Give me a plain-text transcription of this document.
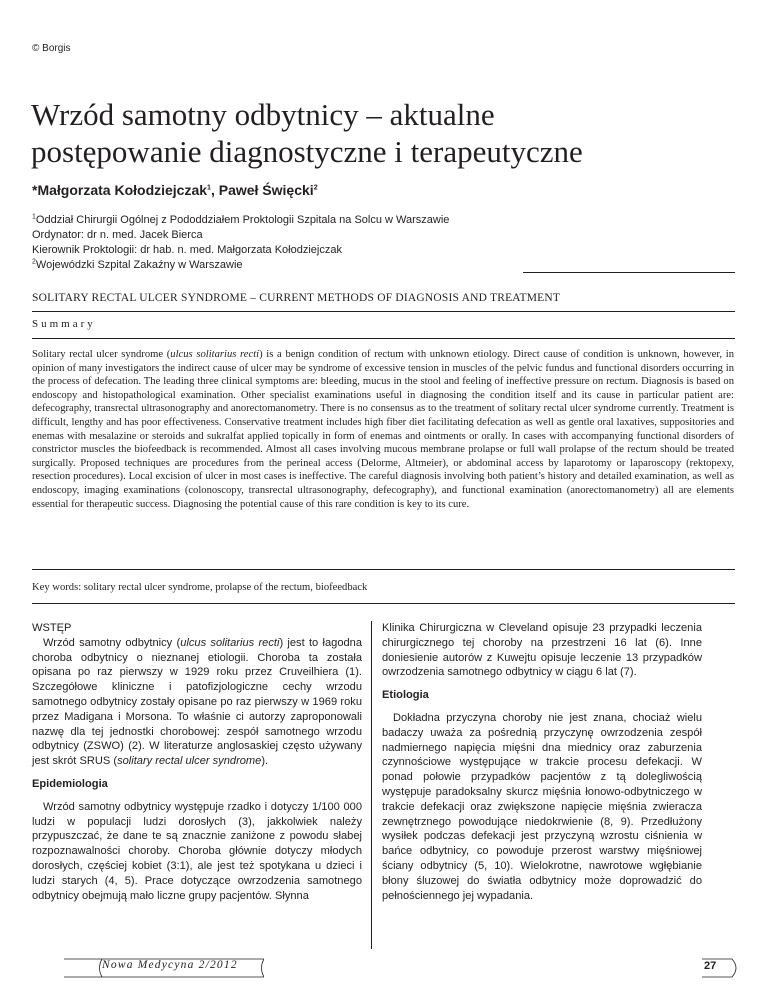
© Borgis
Wrzód samotny odbytnicy – aktualne
postępowanie diagnostyczne i terapeutyczne
*Małgorzata Kołodziejczak$^1$, Paweł Święcki$^2$
$^1$Oddział Chirurgii Ogólnej z Pododdziałem Proktologii Szpitala na Solcu w Warszawie
Ordynator: dr n. med. Jacek Bierca
Kierownik Proktologii: dr hab. n. med. Małgorzata Kołodziejczak
$^2$Wojewódzki Szpital Zakaźny w Warszawie
SOLITARY RECTAL ULCER SYNDROME – CURRENT METHODS OF DIAGNOSIS AND TREATMENT
Summary

Solitary rectal ulcer syndrome (ulcus solitarius recti) is a benign condition of rectum with unknown etiology. Direct cause of condition is unknown, however, in opinion of many investigators the indirect cause of ulcer may be syndrome of excessive tension in muscles of the pelvic fundus and functional disorders occurring in the process of defecation. The leading three clinical symptoms are: bleeding, mucus in the stool and feeling of ineffective pressure on rectum. Diagnosis is based on endoscopy and histopathological examination. Other specialist examinations useful in diagnosing the condition itself and its cause in particular patient are: defecography, transrectal ultrasonography and anorectomanometry. There is no consensus as to the treatment of solitary rectal ulcer syndrome currently. Treatment is difficult, lengthy and has poor effectiveness. Conservative treatment includes high fiber diet facilitating defecation as well as gentle oral laxatives, suppositories and enemas with mesalazine or steroids and sukralfat applied topically in form of enemas and ointments or orally. In cases with accompanying functional disorders of constrictor muscles the biofeedback is recommended. Almost all cases involving mucous membrane prolapse or full wall prolapse of the rectum should be treated surgically. Proposed techniques are procedures from the perineal access (Delorme, Altmeier), or abdominal access by laparotomy or laparoscopy (rektopexy, resection procedures). Local excision of ulcer in most cases is ineffective. The careful diagnosis involving both patient’s history and detailed examination, as well as endoscopy, imaging examinations (colonoscopy, transrectal ultrasonography, defecography), and functional examination (anorectomanometry) all are elements essential for therapeutic success. Diagnosing the potential cause of this rare condition is key to its cure.

Key words: solitary rectal ulcer syndrome, prolapse of the rectum, biofeedback
WSTĘP

Wrzód samotny odbytnicy (ulcus solitarius recti) jest to łagodna choroba odbytnicy o nieznanej etiologii. Choroba ta została opisana po raz pierwszy w 1929 roku przez Cruveilhiera (1). Szczegółowe kliniczne i patofizjologiczne cechy wrzodu samotnego odbytnicy zostały opisane po raz pierwszy w 1969 roku przez Madigana i Morsona. To właśnie ci autorzy zaproponowali nazwę dla tej jednostki chorobowej: zespół samotnego wrzodu odbytnicy (ZSWO) (2). W literaturze anglosaskiej często używany jest skrót SRUS (solitary rectal ulcer syndrome).

Epidemiologia

Wrzód samotny odbytnicy występuje rzadko i dotyczy 1/100 000 ludzi w populacji ludzi dorosłych (3), jakkolwiek należy przypuszczać, że dane te są znacznie zaniżone z powodu słabej rozpoznawalności choroby. Choroba głównie dotyczy młodych dorosłych, częściej kobiet (3:1), ale jest też spotykana u dzieci i ludzi starych (4, 5). Prace dotyczące owrzodzenia samotnego odbytnicy obejmują mało liczne grupy pacjentów. Słynna

Klinika Chirurgiczna w Cleveland opisuje 23 przypadki leczenia chirurgicznego tej choroby na przestrzeni 16 lat (6). Inne doniesienie autorów z Kuwejtu opisuje leczenie 13 przypadków owrzodzenia samotnego odbytnicy w ciągu 6 lat (7).

Etiologia

Dokładna przyczyna choroby nie jest znana, chociaż wielu badaczy uważa za pośrednią przyczynę owrzodzenia zespół nadmiernego napięcia mięśni dna miednicy oraz zaburzenia czynnościowe występujące w trakcie procesu defekacji. W ponad połowie przypadków pacjentów z tą dolegliwością występuje paradoksalny skurcz mięśnia łonowo-odbytniczego w trakcie defekacji oraz zwiększone napięcie mięśnia zwieracza zewnętrznego powodujące niedokrwienie (8, 9). Przedłużony wysiłek podczas defekacji jest przyczyną wzrostu ciśnienia w bańce odbytnicy, co powoduje przerost warstwy mięśniowej ściany odbytnicy (5, 10). Wielokrotne, nawrotowe wgłębianie błony śluzowej do światła odbytnicy może doprowadzić do pełnościennego jej wypadania.

Nowa Medycyna 2/2012	27
